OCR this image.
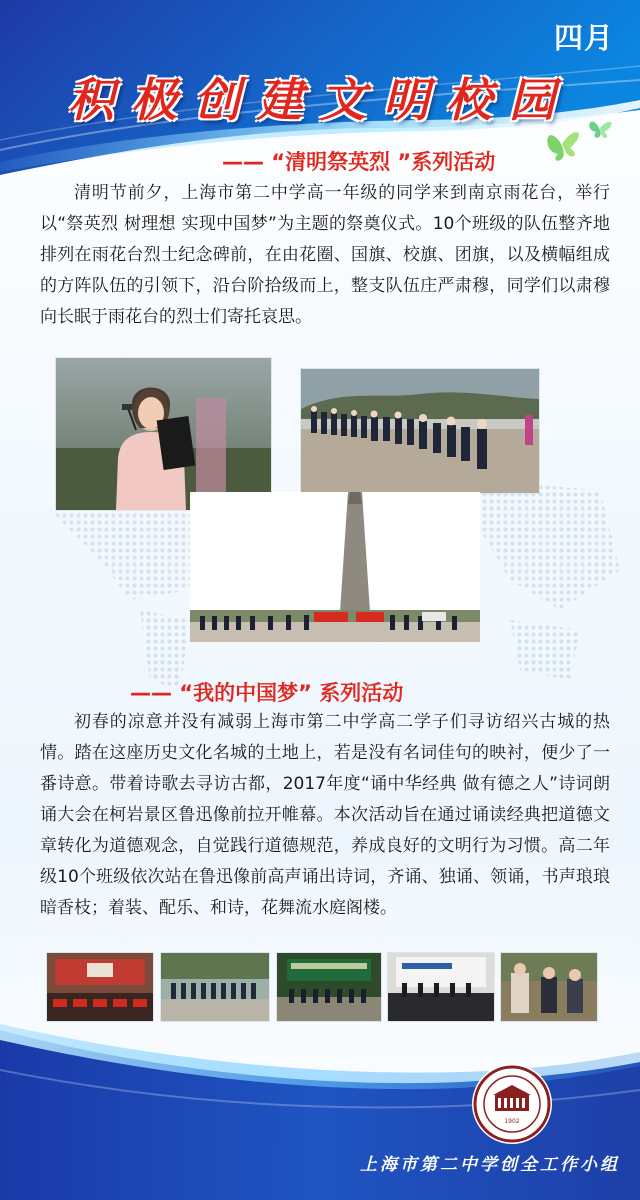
四月
积极创建文明校园
—— “清明祭英烈 ”系列活动

清明节前夕，上海市第二中学高一年级的同学来到南京雨花台，举行以“祭英烈 树理想 实现中国梦”为主题的祭奠仪式。10个班级的队伍整齐地排列在雨花台烈士纪念碑前，在由花圈、国旗、校旗、团旗，以及横幅组成的方阵队伍的引领下，沿台阶拾级而上，整支队伍庄严肃穆，同学们以肃穆向长眠于雨花台的烈士们寄托哀思。

—— “我的中国梦” 系列活动

初春的凉意并没有减弱上海市第二中学高二学子们寻访绍兴古城的热情。踏在这座历史文化名城的土地上，若是没有名词佳句的映衬，便少了一番诗意。带着诗歌去寻访古都，2017年度“诵中华经典 做有德之人”诗词朗诵大会在柯岩景区鲁迅像前拉开帷幕。本次活动旨在通过诵读经典把道德文章转化为道德观念，自觉践行道德规范，养成良好的文明行为习惯。高二年级10个班级依次站在鲁迅像前高声诵出诗词，齐诵、独诵、领诵，书声琅琅暗香枝；着装、配乐、和诗，花舞流水庭阁楼。

1902
上海市第二中学创全工作小组
